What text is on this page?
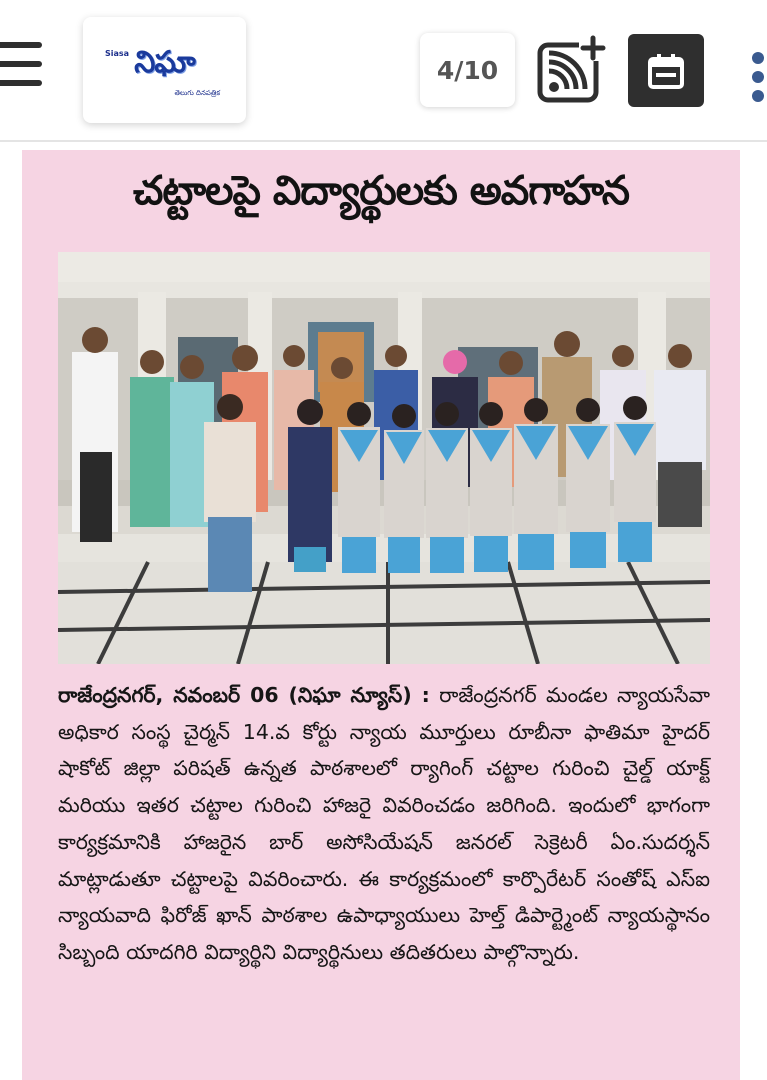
Siasa నిఘా
తెలుగు దినపత్రిక
4/10
చట్టాలపై విద్యార్థులకు అవగాహన
రాజేంద్రనగర్, నవంబర్ 06 (నిఘా న్యూస్) : రాజేంద్రనగర్ మండల న్యాయసేవా అధికార సంస్థ చైర్మన్ 14.వ కోర్టు న్యాయ మూర్తులు రూబీనా ఫాతిమా హైదర్ షాకోట్ జిల్లా పరిషత్ ఉన్నత పాఠశాలలో ర్యాగింగ్ చట్టాల గురించి చైల్డ్ యాక్ట్ మరియు ఇతర చట్టాల గురించి హాజరై వివరించడం జరిగింది. ఇందులో భాగంగా కార్యక్రమానికి హాజరైన బార్ అసోసియేషన్ జనరల్ సెక్రెటరీ ఏం.సుదర్శన్ మాట్లాడుతూ చట్టాలపై వివరించారు. ఈ కార్యక్రమంలో కార్పొరేటర్ సంతోష్ ఎస్ఐ న్యాయవాది ఫిరోజ్ ఖాన్ పాఠశాల ఉపాధ్యాయులు హెల్త్ డిపార్ట్మెంట్ న్యాయస్థానం సిబ్బంది యాదగిరి విద్యార్థిని విద్యార్థినులు తదితరులు పాల్గొన్నారు.
